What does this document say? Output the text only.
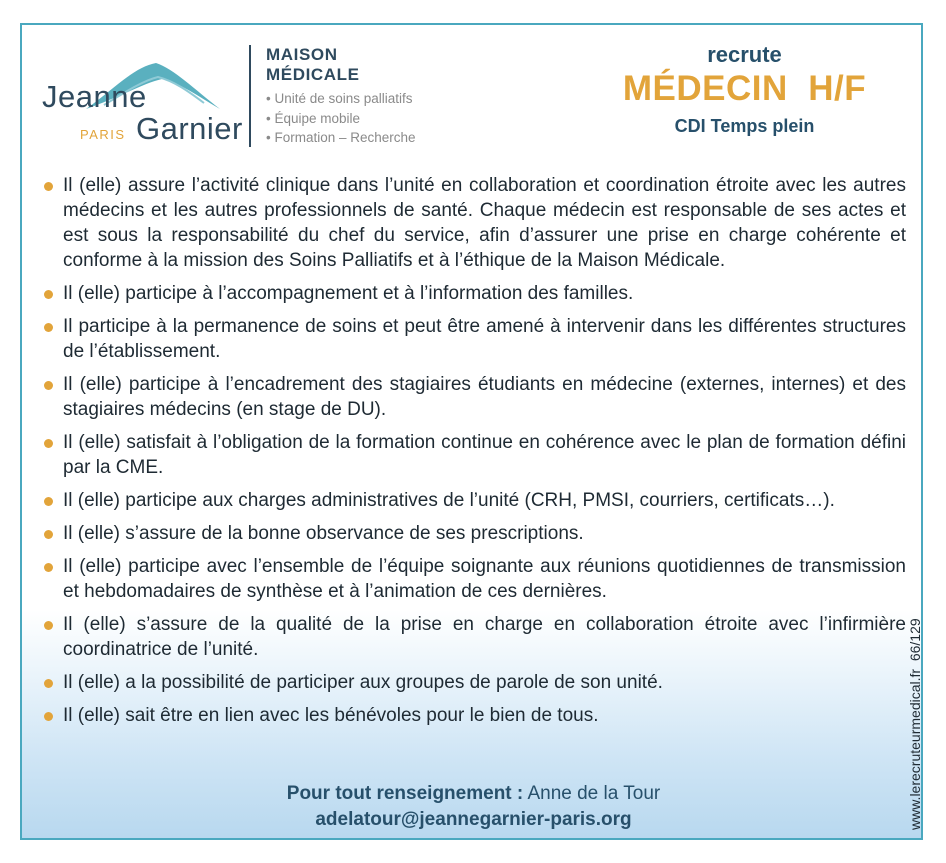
Jeanne
PARIS Garnier
MAISON
MÉDICALE
• Unité de soins palliatifs
• Équipe mobile
• Formation – Recherche
recrute
MÉDECIN  H/F
CDI Temps plein
Il (elle) assure l’activité clinique dans l’unité en collaboration et coordination étroite avec les autres médecins et les autres professionnels de santé. Chaque médecin est responsable de ses actes et est sous la responsabilité du chef du service, afin d’assurer une prise en charge cohérente et conforme à la mission des Soins Palliatifs et à l’éthique de la Maison Médicale.
Il (elle) participe à l’accompagnement et à l’information des familles.
Il participe à la permanence de soins et peut être amené à intervenir dans les différentes structures de l’établissement.
Il (elle) participe à l’encadrement des stagiaires étudiants en médecine (externes, internes) et des stagiaires médecins (en stage de DU).
Il (elle) satisfait à l’obligation de la formation continue en cohérence avec le plan de formation défini par la CME.
Il (elle) participe aux charges administratives de l’unité (CRH, PMSI, courriers, certificats…).
Il (elle) s’assure de la bonne observance de ses prescriptions.
Il (elle) participe avec l’ensemble de l’équipe soignante aux réunions quotidiennes de transmission et hebdomadaires de synthèse et à l’animation de ces dernières.
Il (elle) s’assure de la qualité de la prise en charge en collaboration étroite avec l’infirmière coordinatrice de l’unité.
Il (elle) a la possibilité de participer aux groupes de parole de son unité.
Il (elle) sait être en lien avec les bénévoles pour le bien de tous.
Pour tout renseignement : Anne de la Tour
adelatour@jeannegarnier-paris.org	www.lerecruteurmedical.fr  66/129
